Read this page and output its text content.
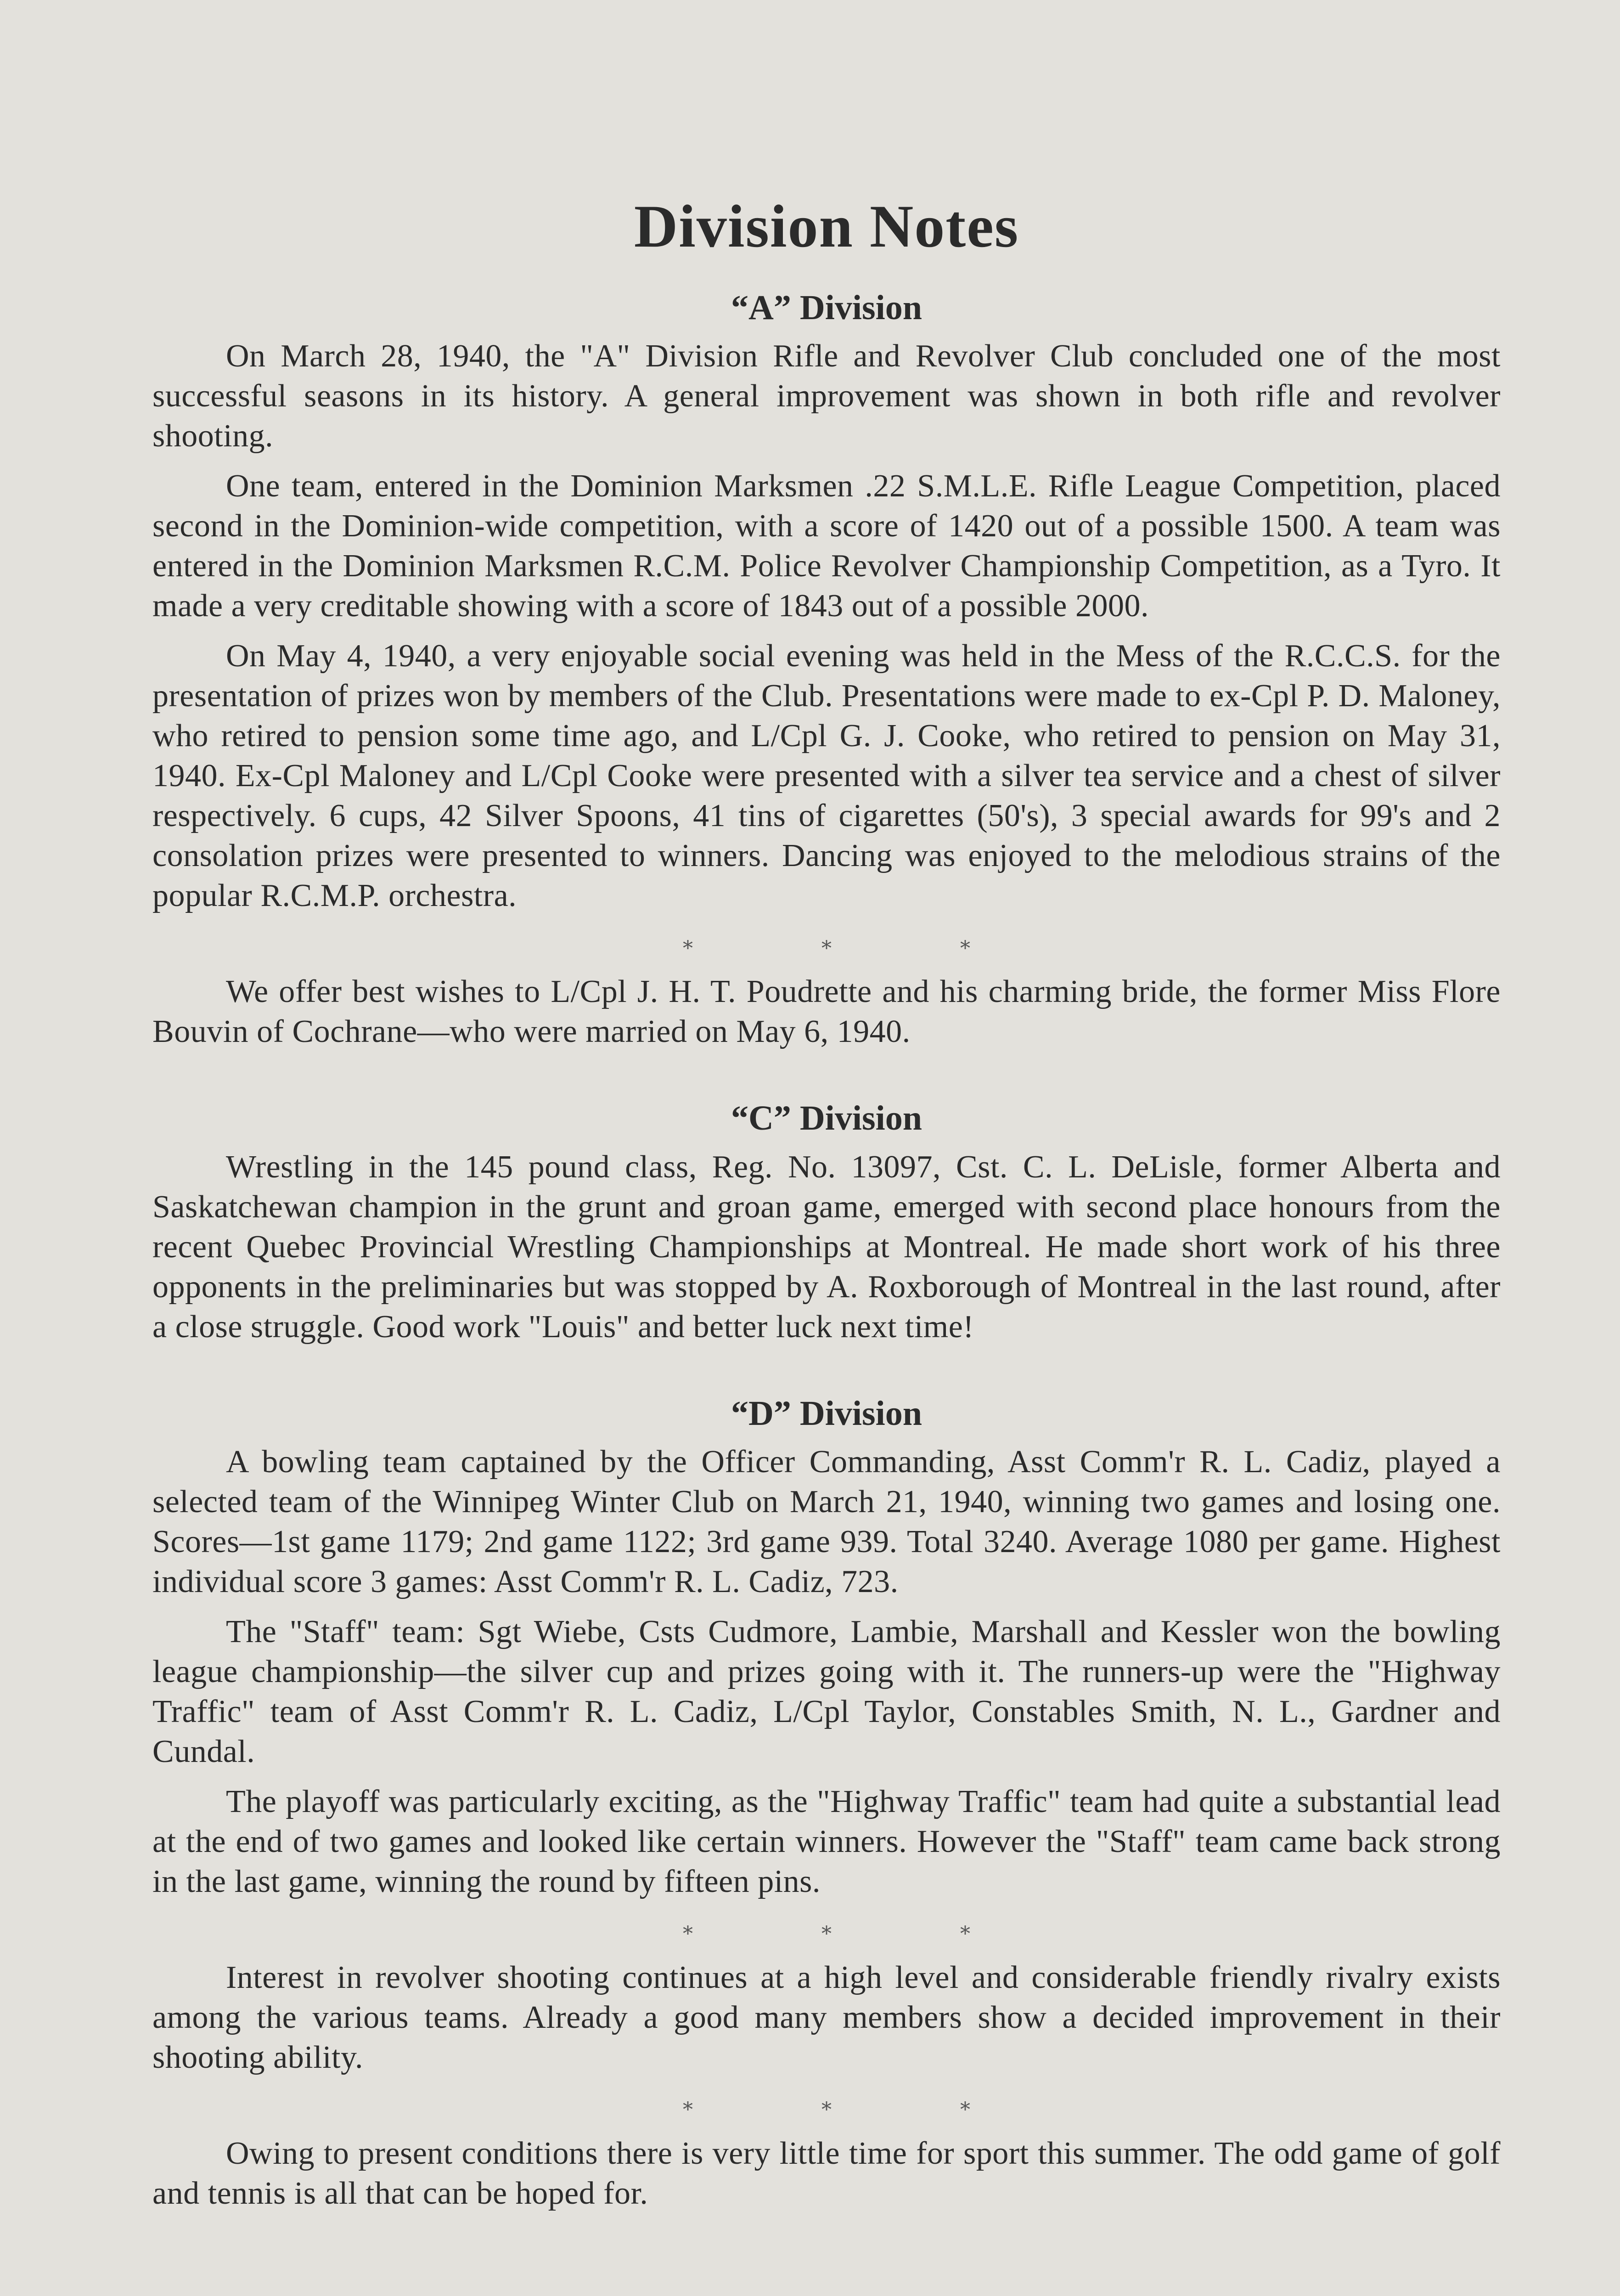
Division Notes
“A” Division

On March 28, 1940, the "A" Division Rifle and Revolver Club concluded one of the most successful seasons in its history. A general improvement was shown in both rifle and revolver shooting.

One team, entered in the Dominion Marksmen .22 S.M.L.E. Rifle League Competition, placed second in the Dominion-wide competition, with a score of 1420 out of a possible 1500. A team was entered in the Dominion Marksmen R.C.M. Police Revolver Championship Competition, as a Tyro. It made a very creditable showing with a score of 1843 out of a possible 2000.

On May 4, 1940, a very enjoyable social evening was held in the Mess of the R.C.C.S. for the presentation of prizes won by members of the Club. Presentations were made to ex-Cpl P. D. Maloney, who retired to pension some time ago, and L/Cpl G. J. Cooke, who retired to pension on May 31, 1940. Ex-Cpl Maloney and L/Cpl Cooke were presented with a silver tea service and a chest of silver respectively. 6 cups, 42 Silver Spoons, 41 tins of cigarettes (50's), 3 special awards for 99's and 2 consolation prizes were presented to winners. Dancing was enjoyed to the melodious strains of the popular R.C.M.P. orchestra.

⁎	⁎	⁎

We offer best wishes to L/Cpl J. H. T. Poudrette and his charming bride, the former Miss Flore Bouvin of Cochrane—who were married on May 6, 1940.

“C” Division

Wrestling in the 145 pound class, Reg. No. 13097, Cst. C. L. DeLisle, former Alberta and Saskatchewan champion in the grunt and groan game, emerged with second place honours from the recent Quebec Provincial Wrestling Championships at Montreal. He made short work of his three opponents in the preliminaries but was stopped by A. Roxborough of Montreal in the last round, after a close struggle. Good work "Louis" and better luck next time!

“D” Division

A bowling team captained by the Officer Commanding, Asst Comm'r R. L. Cadiz, played a selected team of the Winnipeg Winter Club on March 21, 1940, winning two games and losing one. Scores—1st game 1179; 2nd game 1122; 3rd game 939. Total 3240. Average 1080 per game. Highest individual score 3 games: Asst Comm'r R. L. Cadiz, 723.

The "Staff" team: Sgt Wiebe, Csts Cudmore, Lambie, Marshall and Kessler won the bowling league championship—the silver cup and prizes going with it. The runners-up were the "Highway Traffic" team of Asst Comm'r R. L. Cadiz, L/Cpl Taylor, Constables Smith, N. L., Gardner and Cundal.

The playoff was particularly exciting, as the "Highway Traffic" team had quite a substantial lead at the end of two games and looked like certain winners. However the "Staff" team came back strong in the last game, winning the round by fifteen pins.

⁎	⁎	⁎

Interest in revolver shooting continues at a high level and considerable friendly rivalry exists among the various teams. Already a good many members show a decided improvement in their shooting ability.

⁎	⁎	⁎

Owing to present conditions there is very little time for sport this summer. The odd game of golf and tennis is all that can be hoped for.
